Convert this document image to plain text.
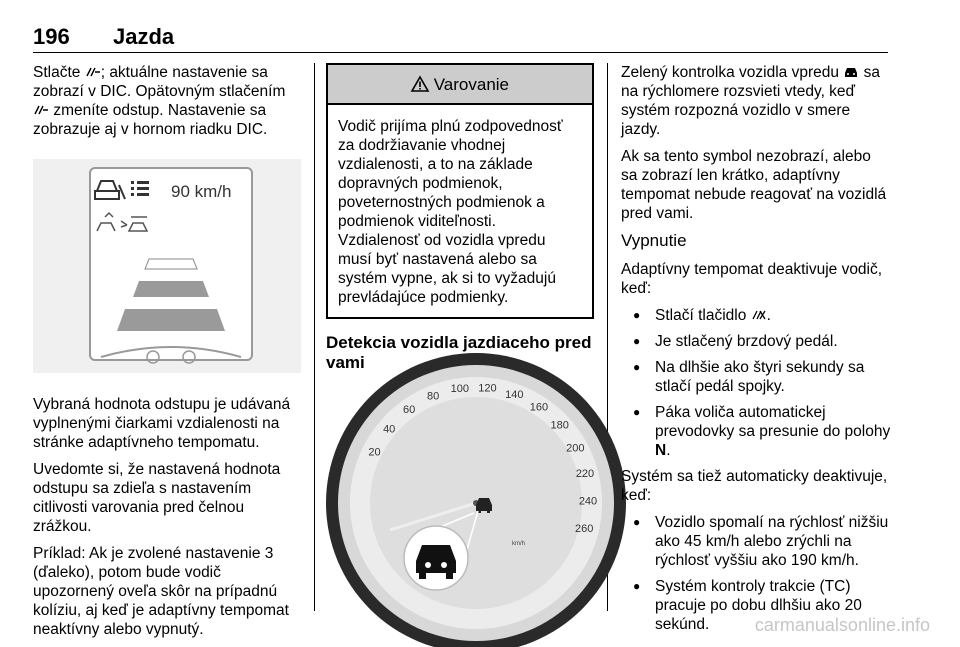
196 Jazda

Stlačte ; aktuálne nastavenie sa zobrazí v DIC. Opätovným stlačením  zmeníte odstup. Nastavenie sa zobrazuje aj v hornom riadku DIC.

90 km/h

Vybraná hodnota odstupu je udávaná vyplnenými čiarkami vzdialenosti na stránke adaptívneho tempomatu.

Uvedomte si, že nastavená hodnota odstupu sa zdieľa s nastavením citlivosti varovania pred čelnou zrážkou.

Príklad: Ak je zvolené nastavenie 3 (ďaleko), potom bude vodič upozornený oveľa skôr na prípadnú kolíziu, aj keď je adaptívny tempomat neaktívny alebo vypnutý.

Varovanie
Vodič prijíma plnú zodpovednosť za dodržiavanie vhodnej vzdialenosti, a to na základe dopravných podmienok, poveternostných podmienok a podmienok viditeľnosti.
Vzdialenosť od vozidla vpredu musí byť nastavená alebo sa systém vypne, ak si to vyžadujú prevládajúce podmienky.
Detekcia vozidla jazdiaceho pred vami
20
40
60
80
100 120
140
160
180
200
220
240
260
km/h

Zelený kontrolka vozidla vpredu sa na rýchlomere rozsvieti vtedy, keď systém rozpozná vozidlo v smere jazdy.

Ak sa tento symbol nezobrazí, alebo sa zobrazí len krátko, adaptívny tempomat nebude reagovať na vozidlá pred vami.

Vypnutie

Adaptívny tempomat deaktivuje vodič, keď:

● Stlačí tlačidlo .
● Je stlačený brzdový pedál.
● Na dlhšie ako štyri sekundy sa stlačí pedál spojky.
● Páka voliča automatickej prevodovky sa presunie do polohy N.

Systém sa tiež automaticky deaktivuje, keď:

● Vozidlo spomalí na rýchlosť nižšiu ako 45 km/h alebo zrýchli na rýchlosť vyššiu ako 190 km/h.
● Systém kontroly trakcie (TC) pracuje po dobu dlhšiu ako 20 sekúnd.	carmanualsonline.info
